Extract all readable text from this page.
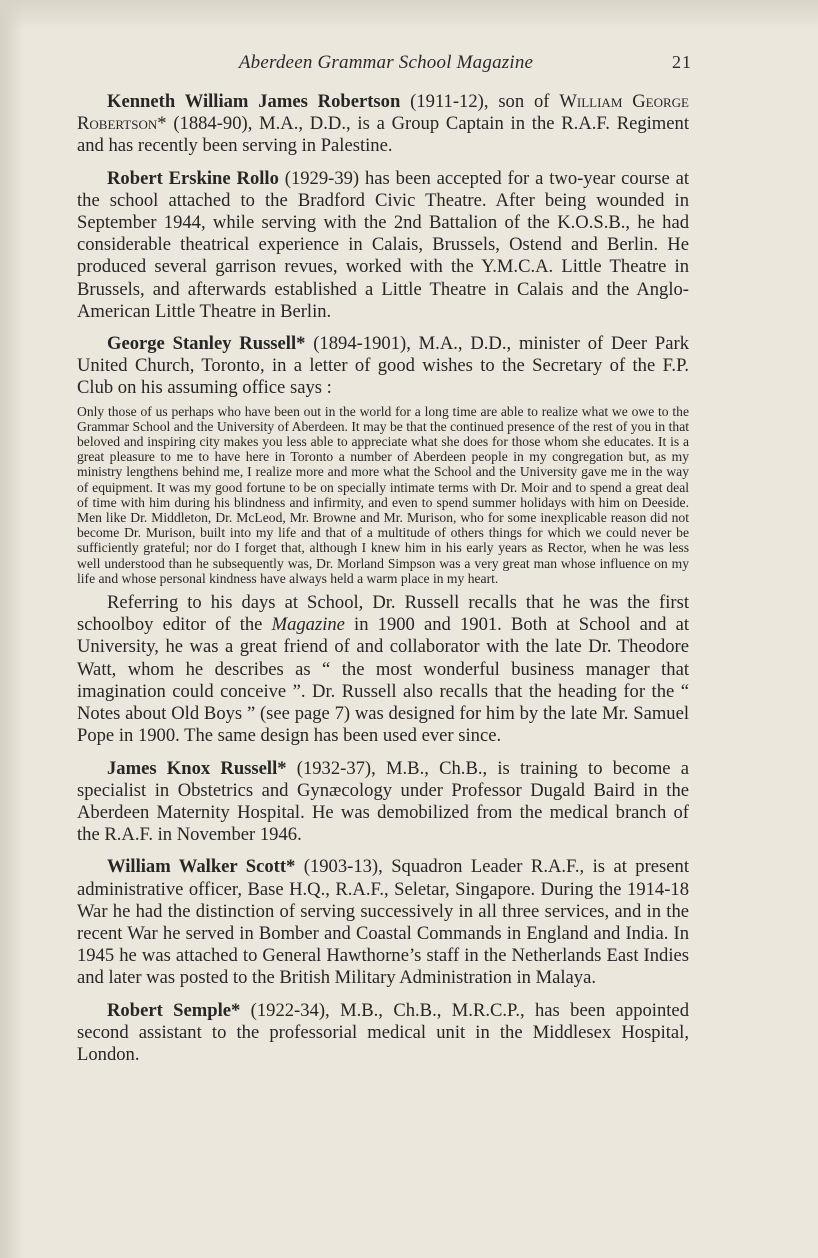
Aberdeen Grammar School Magazine	21

Kenneth William James Robertson (1911-12), son of William George Robertson* (1884-90), M.A., D.D., is a Group Captain in the R.A.F. Regiment and has recently been serving in Palestine.

Robert Erskine Rollo (1929-39) has been accepted for a two-year course at the school attached to the Bradford Civic Theatre. After being wounded in September 1944, while serving with the 2nd Battalion of the K.O.S.B., he had considerable theatrical experience in Calais, Brussels, Ostend and Berlin. He produced several garrison revues, worked with the Y.M.C.A. Little Theatre in Brussels, and afterwards established a Little Theatre in Calais and the Anglo-American Little Theatre in Berlin.

George Stanley Russell* (1894-1901), M.A., D.D., minister of Deer Park United Church, Toronto, in a letter of good wishes to the Secretary of the F.P. Club on his assuming office says :

Only those of us perhaps who have been out in the world for a long time are able to realize what we owe to the Grammar School and the University of Aberdeen. It may be that the continued presence of the rest of you in that beloved and inspiring city makes you less able to appreciate what she does for those whom she educates. It is a great pleasure to me to have here in Toronto a number of Aberdeen people in my congregation but, as my ministry lengthens behind me, I realize more and more what the School and the University gave me in the way of equipment. It was my good fortune to be on specially intimate terms with Dr. Moir and to spend a great deal of time with him during his blindness and infirmity, and even to spend summer holidays with him on Deeside. Men like Dr. Middleton, Dr. McLeod, Mr. Browne and Mr. Murison, who for some inexplicable reason did not become Dr. Murison, built into my life and that of a multitude of others things for which we could never be sufficiently grateful; nor do I forget that, although I knew him in his early years as Rector, when he was less well understood than he subsequently was, Dr. Morland Simpson was a very great man whose influence on my life and whose personal kindness have always held a warm place in my heart.

Referring to his days at School, Dr. Russell recalls that he was the first schoolboy editor of the Magazine in 1900 and 1901. Both at School and at University, he was a great friend of and collaborator with the late Dr. Theodore Watt, whom he describes as “ the most wonderful business manager that imagination could conceive ”. Dr. Russell also recalls that the heading for the “ Notes about Old Boys ” (see page 7) was designed for him by the late Mr. Samuel Pope in 1900. The same design has been used ever since.

James Knox Russell* (1932-37), M.B., Ch.B., is training to become a specialist in Obstetrics and Gynæcology under Professor Dugald Baird in the Aberdeen Maternity Hospital. He was demobilized from the medical branch of the R.A.F. in November 1946.

William Walker Scott* (1903-13), Squadron Leader R.A.F., is at present administrative officer, Base H.Q., R.A.F., Seletar, Singapore. During the 1914-18 War he had the distinction of serving successively in all three services, and in the recent War he served in Bomber and Coastal Commands in England and India. In 1945 he was attached to General Hawthorne’s staff in the Netherlands East Indies and later was posted to the British Military Administration in Malaya.

Robert Semple* (1922-34), M.B., Ch.B., M.R.C.P., has been appointed second assistant to the professorial medical unit in the Middlesex Hospital, London.
